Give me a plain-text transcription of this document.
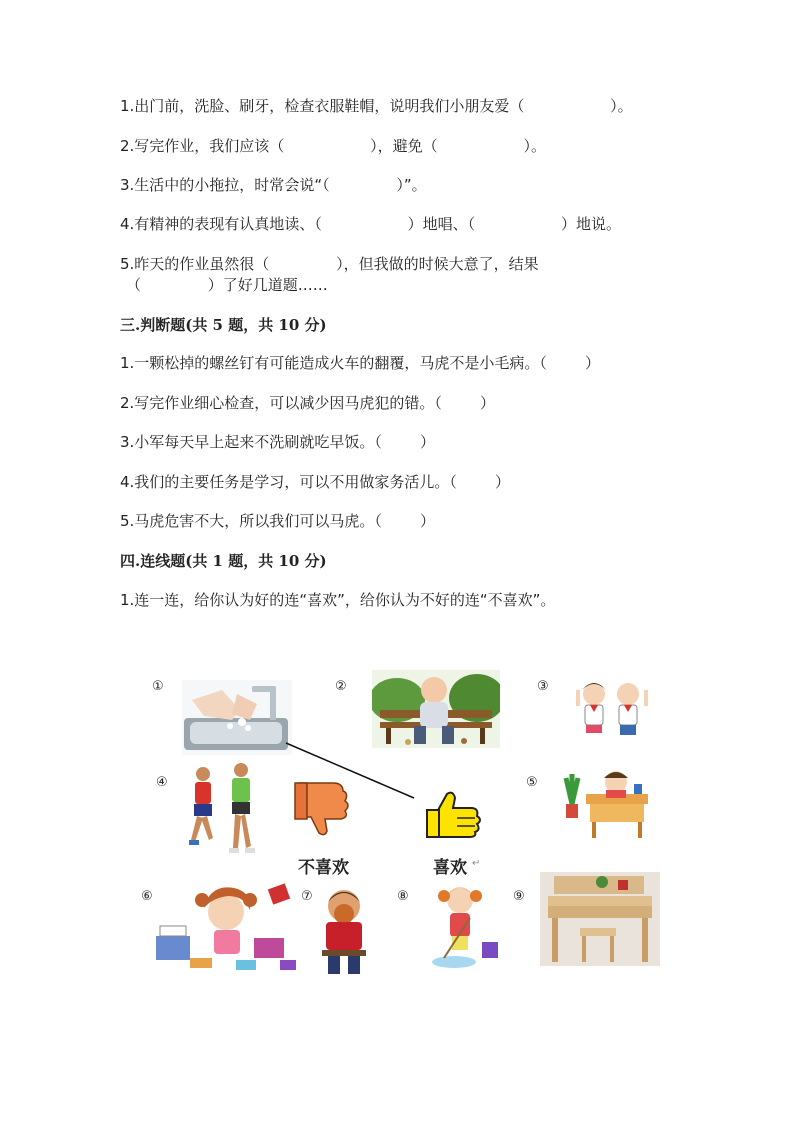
1.出门前，洗脸、刷牙，检查衣服鞋帽，说明我们小朋友爱（                  ）。
2.写完作业，我们应该（                  ），避免（                  ）。
3.生活中的小拖拉，时常会说“（              ）”。
4.有精神的表现有认真地读、（                  ）地唱、（                  ）地说。
5.昨天的作业虽然很（              ），但我做的时候大意了，结果
（              ）了好几道题……
三.判断题(共 5 题，共 10 分)
1.一颗松掉的螺丝钉有可能造成火车的翻覆，马虎不是小毛病。（        ）
2.写完作业细心检查，可以减少因马虎犯的错。（        ）
3.小军每天早上起来不洗刷就吃早饭。（        ）
4.我们的主要任务是学习，可以不用做家务活儿。（        ）
5.马虎危害不大，所以我们可以马虎。（        ）
四.连线题(共 1 题，共 10 分)
1.连一连，给你认为好的连“喜欢”，给你认为不好的连“不喜欢”。
①	②	③
④	⑤
⑥	⑦	⑧	⑨
不喜欢	喜欢 ↵
